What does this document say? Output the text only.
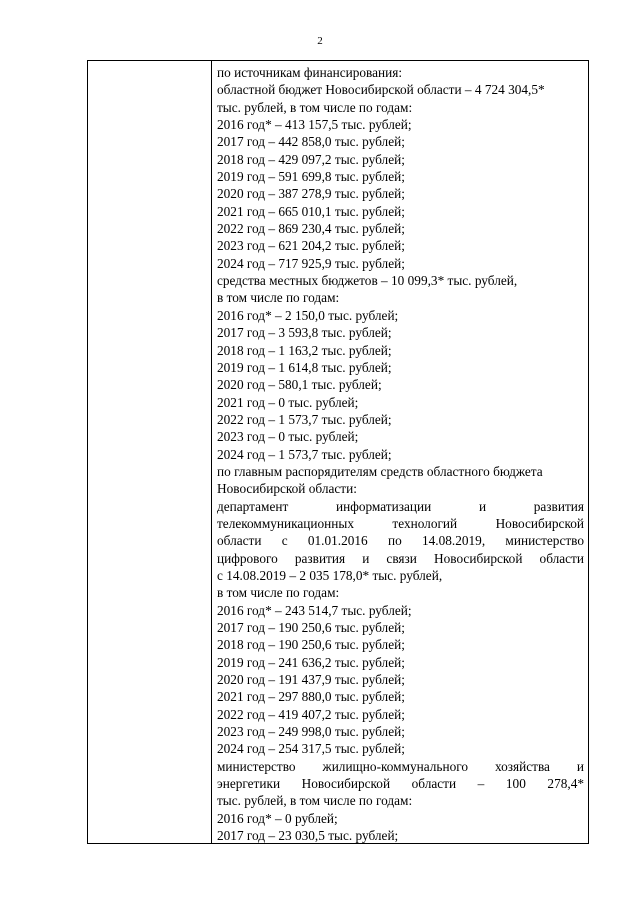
2
по источникам финансирования:
областной бюджет Новосибирской области – 4 724 304,5*
тыс. рублей, в том числе по годам:
2016 год* – 413 157,5 тыс. рублей;
2017 год – 442 858,0 тыс. рублей;
2018 год – 429 097,2 тыс. рублей;
2019 год – 591 699,8 тыс. рублей;
2020 год – 387 278,9 тыс. рублей;
2021 год – 665 010,1 тыс. рублей;
2022 год – 869 230,4 тыс. рублей;
2023 год – 621 204,2 тыс. рублей;
2024 год – 717 925,9 тыс. рублей;
средства местных бюджетов – 10 099,3* тыс. рублей,
в том числе по годам:
2016 год* – 2 150,0 тыс. рублей;
2017 год – 3 593,8 тыс. рублей;
2018 год – 1 163,2 тыс. рублей;
2019 год – 1 614,8 тыс. рублей;
2020 год – 580,1 тыс. рублей;
2021 год – 0 тыс. рублей;
2022 год – 1 573,7 тыс. рублей;
2023 год – 0 тыс. рублей;
2024 год – 1 573,7 тыс. рублей;
по главным распорядителям средств областного бюджета
Новосибирской области:
департамент информатизации и развития
телекоммуникационных технологий Новосибирской
области с 01.01.2016 по 14.08.2019, министерство
цифрового развития и связи Новосибирской области
с 14.08.2019 – 2 035 178,0* тыс. рублей,
в том числе по годам:
2016 год* – 243 514,7 тыс. рублей;
2017 год – 190 250,6 тыс. рублей;
2018 год – 190 250,6 тыс. рублей;
2019 год – 241 636,2 тыс. рублей;
2020 год – 191 437,9 тыс. рублей;
2021 год – 297 880,0 тыс. рублей;
2022 год – 419 407,2 тыс. рублей;
2023 год – 249 998,0 тыс. рублей;
2024 год – 254 317,5 тыс. рублей;
министерство жилищно-коммунального хозяйства и
энергетики Новосибирской области – 100 278,4*
тыс. рублей, в том числе по годам:
2016 год* – 0 рублей;
2017 год – 23 030,5 тыс. рублей;
